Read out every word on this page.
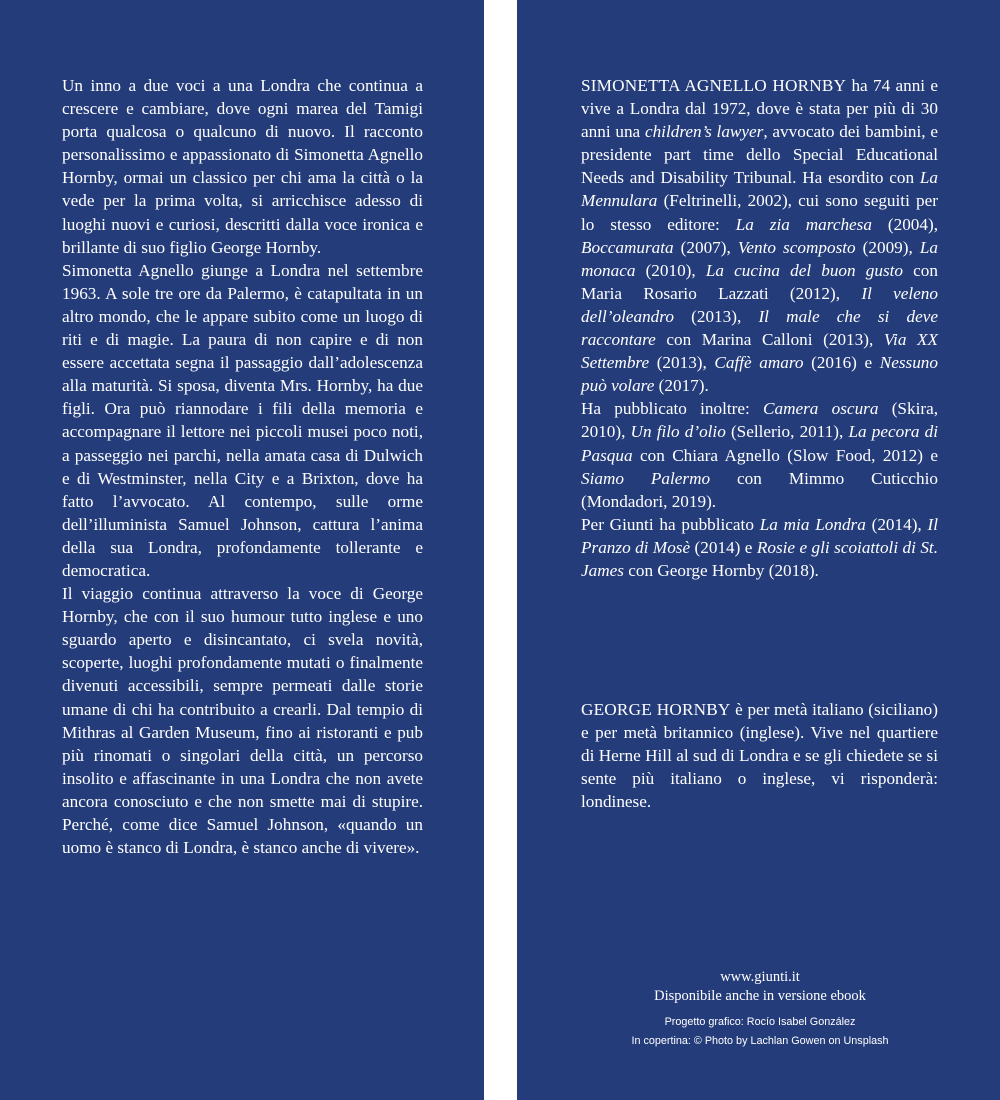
Un inno a due voci a una Londra che continua a crescere e cambiare, dove ogni marea del Tamigi porta qualcosa o qualcuno di nuovo. Il racconto personalissimo e appassionato di Simonetta Agnello Hornby, ormai un classico per chi ama la città o la vede per la prima volta, si arricchisce adesso di luoghi nuovi e curiosi, descritti dalla voce ironica e brillante di suo figlio George Hornby.

Simonetta Agnello giunge a Londra nel settembre 1963. A sole tre ore da Palermo, è catapultata in un altro mondo, che le appare subito come un luogo di riti e di magie. La paura di non capire e di non essere accettata segna il passaggio dall’adolescenza alla maturità. Si sposa, diventa Mrs. Hornby, ha due figli. Ora può riannodare i fili della memoria e accompagnare il lettore nei piccoli musei poco noti, a passeggio nei parchi, nella amata casa di Dulwich e di Westminster, nella City e a Brixton, dove ha fatto l’avvocato. Al contempo, sulle orme dell’illuminista Samuel Johnson, cattura l’anima della sua Londra, profondamente tollerante e democratica.

Il viaggio continua attraverso la voce di George Hornby, che con il suo humour tutto inglese e uno sguardo aperto e disincantato, ci svela novità, scoperte, luoghi profondamente mutati o finalmente divenuti accessibili, sempre permeati dalle storie umane di chi ha contribuito a crearli. Dal tempio di Mithras al Garden Museum, fino ai ristoranti e pub più rinomati o singolari della città, un percorso insolito e affascinante in una Londra che non avete ancora conosciuto e che non smette mai di stupire. Perché, come dice Samuel Johnson, «quando un uomo è stanco di Londra, è stanco anche di vivere».

SIMONETTA AGNELLO HORNBY ha 74 anni e vive a Londra dal 1972, dove è stata per più di 30 anni una children’s lawyer, avvocato dei bambini, e presidente part time dello Special Educational Needs and Disability Tribunal. Ha esordito con La Mennulara (Feltrinelli, 2002), cui sono seguiti per lo stesso editore: La zia marchesa (2004), Boccamurata (2007), Vento scomposto (2009), La monaca (2010), La cucina del buon gusto con Maria Rosario Lazzati (2012), Il veleno dell’oleandro (2013), Il male che si deve raccontare con Marina Calloni (2013), Via XX Settembre (2013), Caffè amaro (2016) e Nessuno può volare (2017).

Ha pubblicato inoltre: Camera oscura (Skira, 2010), Un filo d’olio (Sellerio, 2011), La pecora di Pasqua con Chiara Agnello (Slow Food, 2012) e Siamo Palermo con Mimmo Cuticchio (Mondadori, 2019).

Per Giunti ha pubblicato La mia Londra (2014), Il Pranzo di Mosè (2014) e Rosie e gli scoiattoli di St. James con George Hornby (2018).

GEORGE HORNBY è per metà italiano (siciliano) e per metà britannico (inglese). Vive nel quartiere di Herne Hill al sud di Londra e se gli chiedete se si sente più italiano o inglese, vi risponderà: londinese.

www.giunti.it
Disponibile anche in versione ebook
Progetto grafico: Rocío Isabel González
In copertina: © Photo by Lachlan Gowen on Unsplash
